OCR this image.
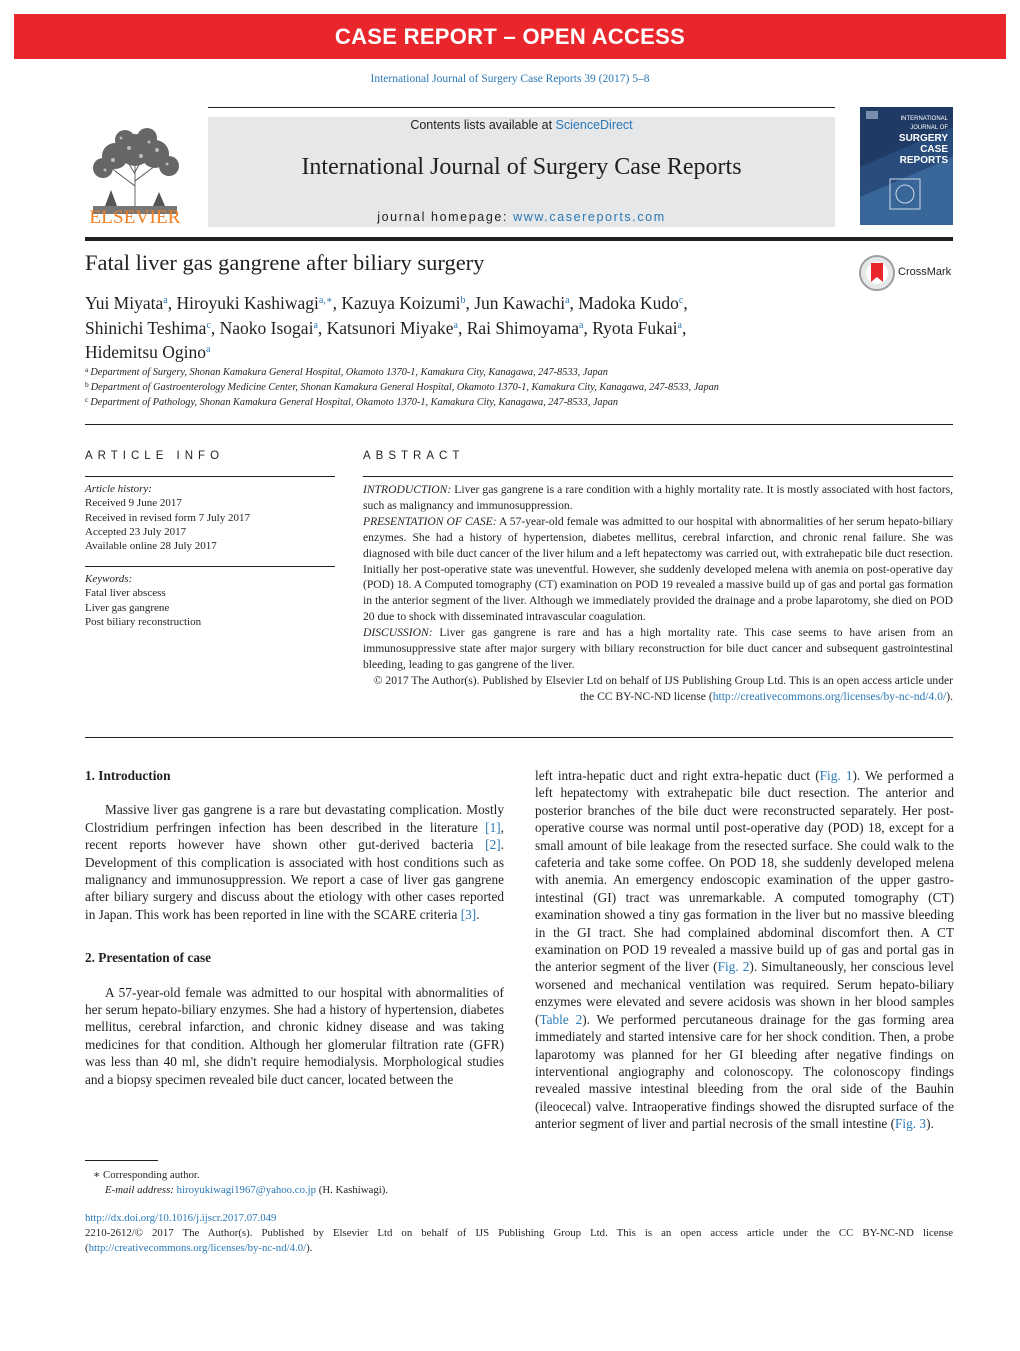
CASE REPORT – OPEN ACCESS
International Journal of Surgery Case Reports 39 (2017) 5–8
ELSEVIER
Contents lists available at ScienceDirect
International Journal of Surgery Case Reports
journal homepage: www.casereports.com
INTERNATIONAL
JOURNAL OF
SURGERY
CASE
REPORTS
Fatal liver gas gangrene after biliary surgery	CrossMark
Yui Miyata$^a$, Hiroyuki Kashiwagi$^{a,∗}$, Kazuya Koizumi$^b$, Jun Kawachi$^a$, Madoka Kudo$^c$,
Shinichi Teshima$^c$, Naoko Isogai$^a$, Katsunori Miyake$^a$, Rai Shimoyama$^a$, Ryota Fukai$^a$,
Hidemitsu Ogino$^a$
$^a$ Department of Surgery, Shonan Kamakura General Hospital, Okamoto 1370-1, Kamakura City, Kanagawa, 247-8533, Japan
$^b$ Department of Gastroenterology Medicine Center, Shonan Kamakura General Hospital, Okamoto 1370-1, Kamakura City, Kanagawa, 247-8533, Japan
$^c$ Department of Pathology, Shonan Kamakura General Hospital, Okamoto 1370-1, Kamakura City, Kanagawa, 247-8533, Japan
ARTICLE INFO
Article history:
Received 9 June 2017
Received in revised form 7 July 2017
Accepted 23 July 2017
Available online 28 July 2017
Keywords:
Fatal liver abscess
Liver gas gangrene
Post biliary reconstruction
ABSTRACT

INTRODUCTION: Liver gas gangrene is a rare condition with a highly mortality rate. It is mostly associated with host factors, such as malignancy and immunosuppression.

PRESENTATION OF CASE: A 57-year-old female was admitted to our hospital with abnormalities of her serum hepato-biliary enzymes. She had a history of hypertension, diabetes mellitus, cerebral infarction, and chronic renal failure. She was diagnosed with bile duct cancer of the liver hilum and a left hepatectomy was carried out, with extrahepatic bile duct resection. Initially her post-operative state was uneventful. However, she suddenly developed melena with anemia on post-operative day (POD) 18. A Computed tomography (CT) examination on POD 19 revealed a massive build up of gas and portal gas formation in the anterior segment of the liver. Although we immediately provided the drainage and a probe laparotomy, she died on POD 20 due to shock with disseminated intravascular coagulation.

DISCUSSION: Liver gas gangrene is rare and has a high mortality rate. This case seems to have arisen from an immunosuppressive state after major surgery with biliary reconstruction for bile duct cancer and subsequent gastrointestinal bleeding, leading to gas gangrene of the liver.

© 2017 The Author(s). Published by Elsevier Ltd on behalf of IJS Publishing Group Ltd. This is an open access article under the CC BY-NC-ND license (http://creativecommons.org/licenses/by-nc-nd/4.0/).

1. Introduction

Massive liver gas gangrene is a rare but devastating complication. Mostly Clostridium perfringen infection has been described in the literature [1], recent reports however have shown other gut-derived bacteria [2]. Development of this complication is associated with host conditions such as malignancy and immunosuppression. We report a case of liver gas gangrene after biliary surgery and discuss about the etiology with other cases reported in Japan. This work has been reported in line with the SCARE criteria [3].

2. Presentation of case

A 57-year-old female was admitted to our hospital with abnormalities of her serum hepato-biliary enzymes. She had a history of hypertension, diabetes mellitus, cerebral infarction, and chronic kidney disease and was taking medicines for that condition. Although her glomerular filtration rate (GFR) was less than 40 ml, she didn't require hemodialysis. Morphological studies and a biopsy specimen revealed bile duct cancer, located between the

left intra-hepatic duct and right extra-hepatic duct (Fig. 1). We performed a left hepatectomy with extrahepatic bile duct resection. The anterior and posterior branches of the bile duct were reconstructed separately. Her post-operative course was normal until post-operative day (POD) 18, except for a small amount of bile leakage from the resected surface. She could walk to the cafeteria and take some coffee. On POD 18, she suddenly developed melena with anemia. An emergency endoscopic examination of the upper gastro-intestinal (GI) tract was unremarkable. A computed tomography (CT) examination showed a tiny gas formation in the liver but no massive bleeding in the GI tract. She had complained abdominal discomfort then. A CT examination on POD 19 revealed a massive build up of gas and portal gas in the anterior segment of the liver (Fig. 2). Simultaneously, her conscious level worsened and mechanical ventilation was required. Serum hepato-biliary enzymes were elevated and severe acidosis was shown in her blood samples (Table 2). We performed percutaneous drainage for the gas forming area immediately and started intensive care for her shock condition. Then, a probe laparotomy was planned for her GI bleeding after negative findings on interventional angiography and colonoscopy. The colonoscopy findings revealed massive intestinal bleeding from the oral side of the Bauhin (ileocecal) valve. Intraoperative findings showed the disrupted surface of the anterior segment of liver and partial necrosis of the small intestine (Fig. 3).

∗ Corresponding author.
E-mail address: hiroyukiwagi1967@yahoo.co.jp (H. Kashiwagi).
http://dx.doi.org/10.1016/j.ijscr.2017.07.049
2210-2612/© 2017 The Author(s). Published by Elsevier Ltd on behalf of IJS Publishing Group Ltd. This is an open access article under the CC BY-NC-ND license (http://creativecommons.org/licenses/by-nc-nd/4.0/).
